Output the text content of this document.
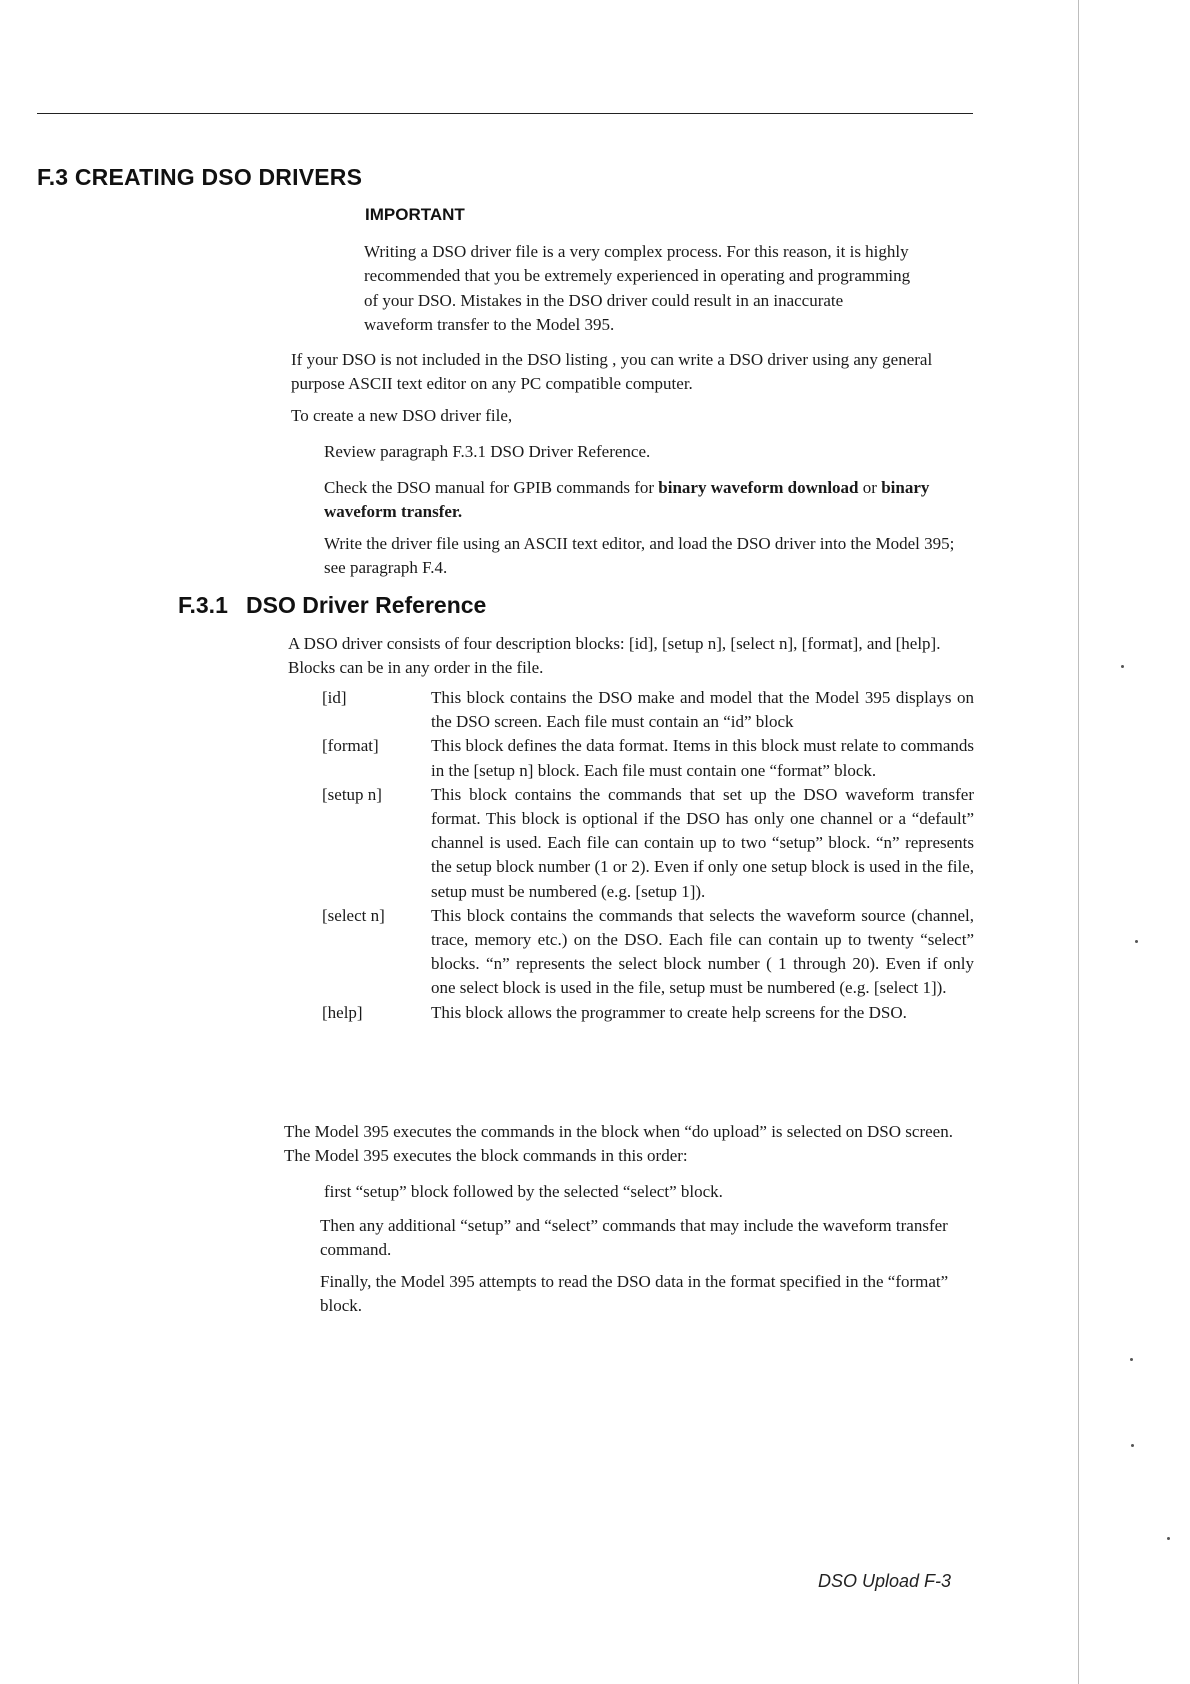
F.3 CREATING DSO DRIVERS
IMPORTANT

Writing a DSO driver file is a very complex process. For this reason, it is highly recommended that you be extremely experienced in operating and programming of your DSO. Mistakes in the DSO driver could result in an inaccurate waveform transfer to the Model 395.

If your DSO is not included in the DSO listing , you can write a DSO driver using any general purpose ASCII text editor on any PC compatible computer.

To create a new DSO driver file,

Review paragraph F.3.1 DSO Driver Reference.

Check the DSO manual for GPIB commands for binary waveform download or binary waveform transfer.

Write the driver file using an ASCII text editor, and load the DSO driver into the Model 395; see paragraph F.4.

F.3.1 DSO Driver Reference

A DSO driver consists of four description blocks: [id], [setup n], [select n], [format], and [help]. Blocks can be in any order in the file.

[id]	This block contains the DSO make and model that the Model 395 displays on the DSO screen. Each file must contain an “id” block
[format]	This block defines the data format. Items in this block must relate to commands in the [setup n] block. Each file must contain one “format” block.
[setup n]	This block contains the commands that set up the DSO waveform transfer format. This block is optional if the DSO has only one channel or a “default” channel is used. Each file can contain up to two “setup” block. “n” represents the setup block number (1 or 2). Even if only one setup block is used in the file, setup must be numbered (e.g. [setup 1]).
[select n]	This block contains the commands that selects the waveform source (channel, trace, memory etc.) on the DSO. Each file can contain up to twenty “select” blocks. “n” represents the select block number ( 1 through 20). Even if only one select block is used in the file, setup must be numbered (e.g. [select 1]).
[help]	This block allows the programmer to create help screens for the DSO.

The Model 395 executes the commands in the block when “do upload” is selected on DSO screen. The Model 395 executes the block commands in this order:

first “setup” block followed by the selected “select” block.

Then any additional “setup” and “select” commands that may include the waveform transfer command.

Finally, the Model 395 attempts to read the DSO data in the format specified in the “format” block.

DSO Upload F-3
